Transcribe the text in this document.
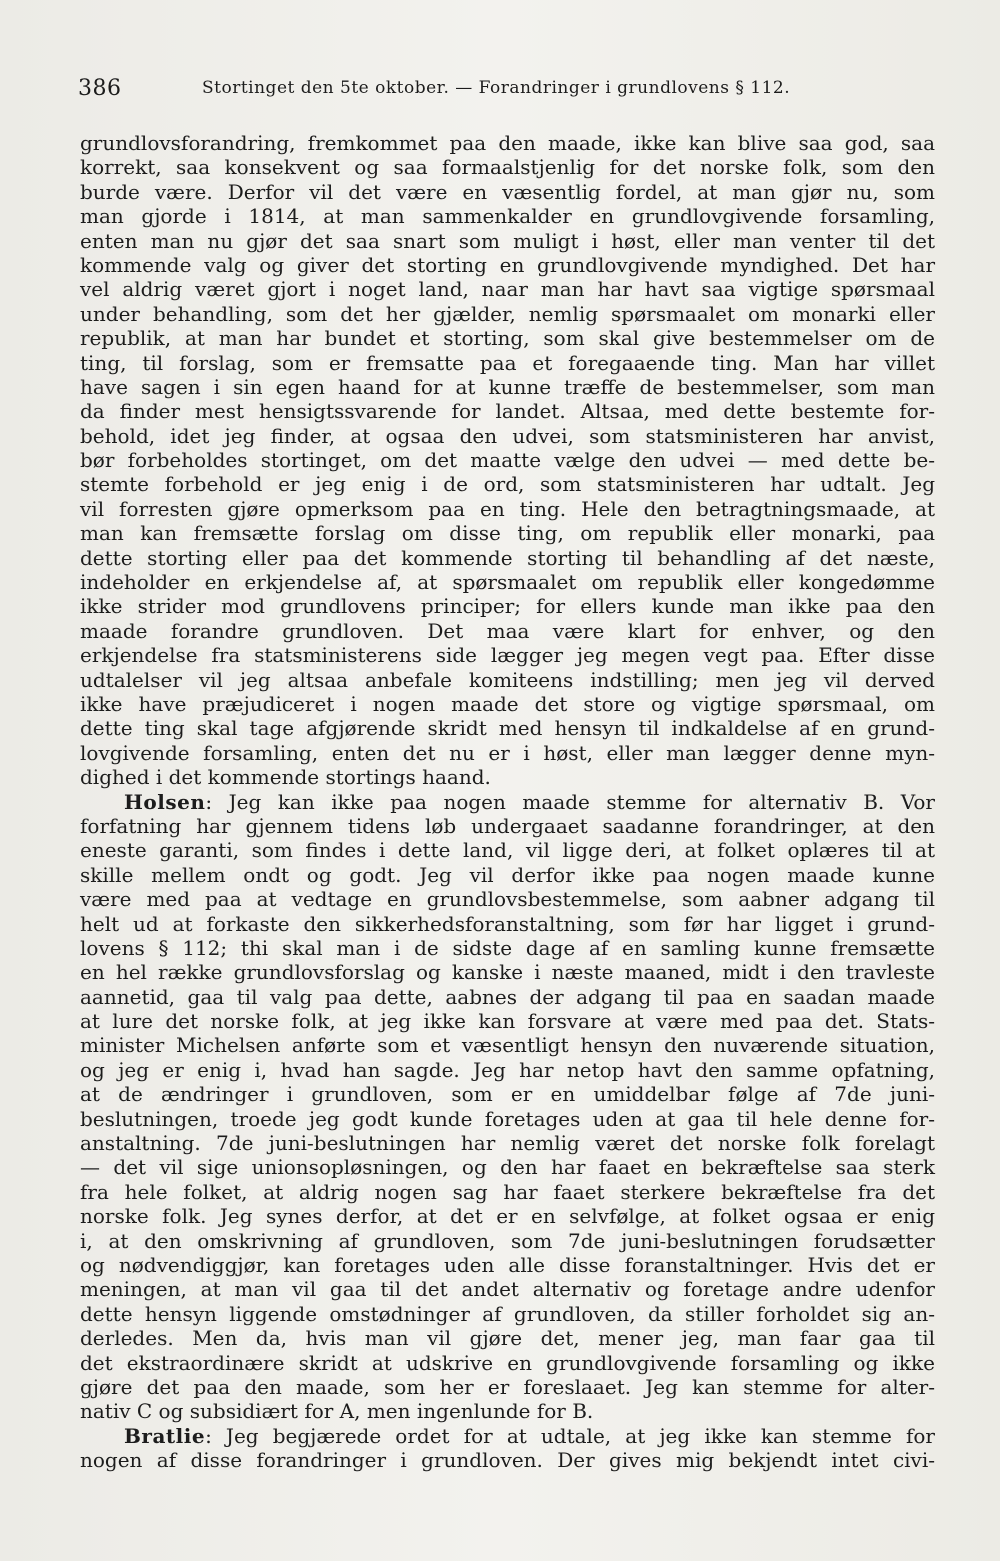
386	Stortinget den 5te oktober. — Forandringer i grundlovens § 112.
grundlovsforandring, fremkommet paa den maade, ikke kan blive saa god, saa
korrekt, saa konsekvent og saa formaalstjenlig for det norske folk, som den
burde være. Derfor vil det være en væsentlig fordel, at man gjør nu, som
man gjorde i 1814, at man sammenkalder en grundlovgivende forsamling,
enten man nu gjør det saa snart som muligt i høst, eller man venter til det
kommende valg og giver det storting en grundlovgivende myndighed. Det har
vel aldrig været gjort i noget land, naar man har havt saa vigtige spørsmaal
under behandling, som det her gjælder, nemlig spørsmaalet om monarki eller
republik, at man har bundet et storting, som skal give bestemmelser om de
ting, til forslag, som er fremsatte paa et foregaaende ting. Man har villet
have sagen i sin egen haand for at kunne træffe de bestemmelser, som man
da finder mest hensigtssvarende for landet. Altsaa, med dette bestemte for-
behold, idet jeg finder, at ogsaa den udvei, som statsministeren har anvist,
bør forbeholdes stortinget, om det maatte vælge den udvei — med dette be-
stemte forbehold er jeg enig i de ord, som statsministeren har udtalt. Jeg
vil forresten gjøre opmerksom paa en ting. Hele den betragtningsmaade, at
man kan fremsætte forslag om disse ting, om republik eller monarki, paa
dette storting eller paa det kommende storting til behandling af det næste,
indeholder en erkjendelse af, at spørsmaalet om republik eller kongedømme
ikke strider mod grundlovens principer; for ellers kunde man ikke paa den
maade forandre grundloven. Det maa være klart for enhver, og den
erkjendelse fra statsministerens side lægger jeg megen vegt paa. Efter disse
udtalelser vil jeg altsaa anbefale komiteens indstilling; men jeg vil derved
ikke have præjudiceret i nogen maade det store og vigtige spørsmaal, om
dette ting skal tage afgjørende skridt med hensyn til indkaldelse af en grund-
lovgivende forsamling, enten det nu er i høst, eller man lægger denne myn-
dighed i det kommende stortings haand.
Holsen: Jeg kan ikke paa nogen maade stemme for alternativ B. Vor
forfatning har gjennem tidens løb undergaaet saadanne forandringer, at den
eneste garanti, som findes i dette land, vil ligge deri, at folket oplæres til at
skille mellem ondt og godt. Jeg vil derfor ikke paa nogen maade kunne
være med paa at vedtage en grundlovsbestemmelse, som aabner adgang til
helt ud at forkaste den sikkerhedsforanstaltning, som før har ligget i grund-
lovens § 112; thi skal man i de sidste dage af en samling kunne fremsætte
en hel række grundlovsforslag og kanske i næste maaned, midt i den travleste
aannetid, gaa til valg paa dette, aabnes der adgang til paa en saadan maade
at lure det norske folk, at jeg ikke kan forsvare at være med paa det. Stats-
minister Michelsen anførte som et væsentligt hensyn den nuværende situation,
og jeg er enig i, hvad han sagde. Jeg har netop havt den samme opfatning,
at de ændringer i grundloven, som er en umiddelbar følge af 7de juni-
beslutningen, troede jeg godt kunde foretages uden at gaa til hele denne for-
anstaltning. 7de juni-beslutningen har nemlig været det norske folk forelagt
— det vil sige unionsopløsningen, og den har faaet en bekræftelse saa sterk
fra hele folket, at aldrig nogen sag har faaet sterkere bekræftelse fra det
norske folk. Jeg synes derfor, at det er en selvfølge, at folket ogsaa er enig
i, at den omskrivning af grundloven, som 7de juni-beslutningen forudsætter
og nødvendiggjør, kan foretages uden alle disse foranstaltninger. Hvis det er
meningen, at man vil gaa til det andet alternativ og foretage andre udenfor
dette hensyn liggende omstødninger af grundloven, da stiller forholdet sig an-
derledes. Men da, hvis man vil gjøre det, mener jeg, man faar gaa til
det ekstraordinære skridt at udskrive en grundlovgivende forsamling og ikke
gjøre det paa den maade, som her er foreslaaet. Jeg kan stemme for alter-
nativ C og subsidiært for A, men ingenlunde for B.
Bratlie: Jeg begjærede ordet for at udtale, at jeg ikke kan stemme for
nogen af disse forandringer i grundloven. Der gives mig bekjendt intet civi-
